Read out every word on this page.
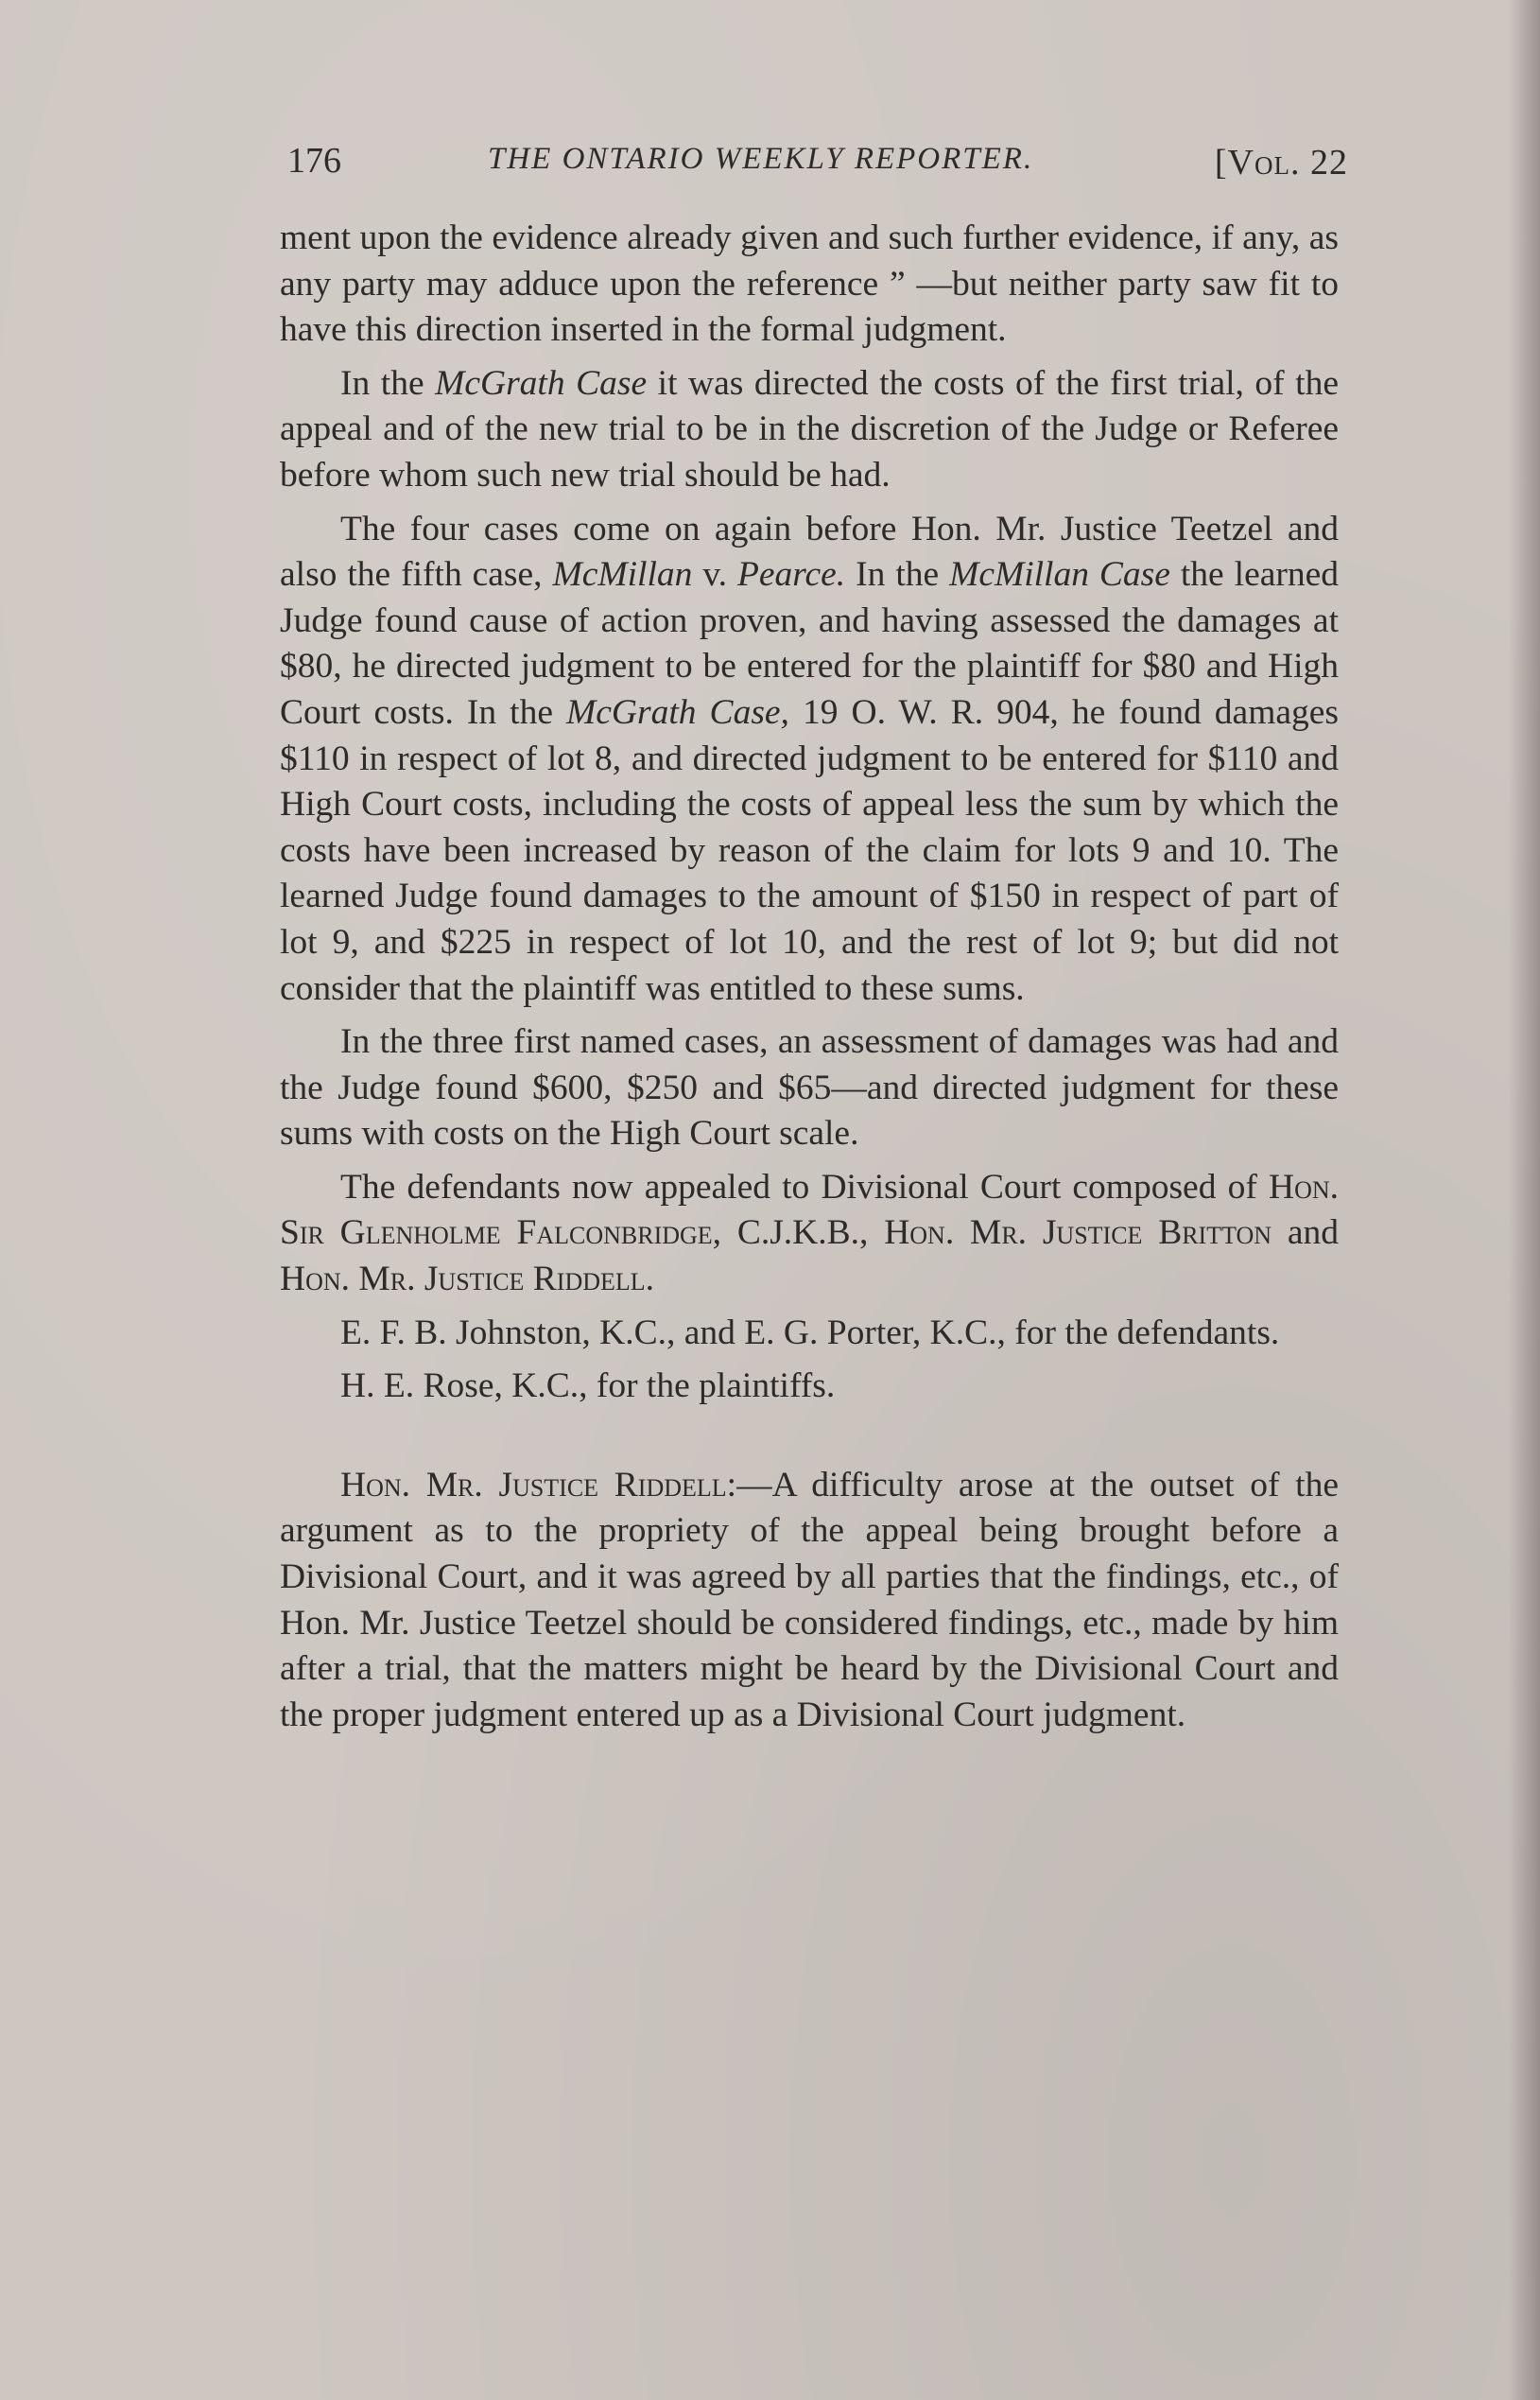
176	THE ONTARIO WEEKLY REPORTER.	[Vol. 22

ment upon the evidence already given and such further evidence, if any, as any party may adduce upon the reference ” —but neither party saw fit to have this direction inserted in the formal judgment.

In the McGrath Case it was directed the costs of the first trial, of the appeal and of the new trial to be in the discretion of the Judge or Referee before whom such new trial should be had.

The four cases come on again before Hon. Mr. Justice Teetzel and also the fifth case, McMillan v. Pearce. In the McMillan Case the learned Judge found cause of action proven, and having assessed the damages at $80, he directed judgment to be entered for the plaintiff for $80 and High Court costs. In the McGrath Case, 19 O. W. R. 904, he found damages $110 in respect of lot 8, and directed judgment to be entered for $110 and High Court costs, including the costs of appeal less the sum by which the costs have been increased by reason of the claim for lots 9 and 10. The learned Judge found damages to the amount of $150 in respect of part of lot 9, and $225 in respect of lot 10, and the rest of lot 9; but did not consider that the plaintiff was entitled to these sums.

In the three first named cases, an assessment of damages was had and the Judge found $600, $250 and $65—and directed judgment for these sums with costs on the High Court scale.

The defendants now appealed to Divisional Court composed of Hon. Sir Glenholme Falconbridge, C.J.K.B., Hon. Mr. Justice Britton and Hon. Mr. Justice Riddell.

E. F. B. Johnston, K.C., and E. G. Porter, K.C., for the defendants.

H. E. Rose, K.C., for the plaintiffs.

Hon. Mr. Justice Riddell:—A difficulty arose at the outset of the argument as to the propriety of the appeal being brought before a Divisional Court, and it was agreed by all parties that the findings, etc., of Hon. Mr. Justice Teetzel should be considered findings, etc., made by him after a trial, that the matters might be heard by the Divisional Court and the proper judgment entered up as a Divisional Court judgment.
